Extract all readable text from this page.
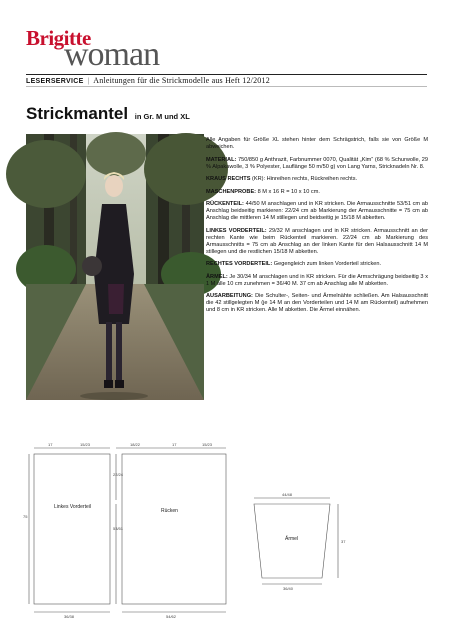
Brigitte
woman
LESERSERVICE | Anleitungen für die Strickmodelle aus Heft 12/2012
Strickmantel in Gr. M und XL

Alle Angaben für Größe XL stehen hinter dem Schrägstrich, falls sie von Größe M abweichen.

MATERIAL: 750/850 g Anthrazit, Farbnummer 0070, Qualität „Kim“ (68 % Schurwolle, 29 % Alpakawolle, 3 % Polyester, Lauflänge 50 m/50 g) von Lang Yarns, Stricknadeln Nr. 8.

KRAUS RECHTS (KR): Hinreihen rechts, Rückreihen rechts.

MASCHENPROBE: 8 M x 16 R = 10 x 10 cm.

RÜCKENTEIL: 44/50 M anschlagen und in KR stricken. Die Armausschnitte 53/51 cm ab Anschlag beidseitig markieren: 22/24 cm ab Markierung der Armausschnitte = 75 cm ab Anschlag die mittleren 14 M stillegen und beidseitig je 15/18 M abketten.

LINKES VORDERTEIL: 29/32 M anschlagen und in KR stricken. Armausschnitt an der rechten Kante wie beim Rückenteil markieren. 22/24 cm ab Markierung des Armausschnitts = 75 cm ab Anschlag an der linken Kante für den Halsausschnitt 14 M stillegen und die restlichen 15/18 M abketten.

RECHTES VORDERTEIL: Gegengleich zum linken Vorderteil stricken.

ÄRMEL: Je 30/34 M anschlagen und in KR stricken. Für die Armschrägung beidseitig 3 x 1 M alle 10 cm zunehmen = 36/40 M. 37 cm ab Anschlag alle M abketten.

AUSARBEITUNG: Die Schulter-, Seiten- und Ärmelnähte schließen. Am Halsausschnitt die 42 stillgelegten M (je 14 M an den Vorderteilen und 14 M am Rückenteil) aufnehmen und 8 cm in KR stricken. Alle M abketten. Die Ärmel einnähen.

17	15/23	18/22	17	15/23
75
22/24
53/51
Linkes Vorderteil
Rücken
36/38	54/62
44/48
37
36/40
Ärmel
